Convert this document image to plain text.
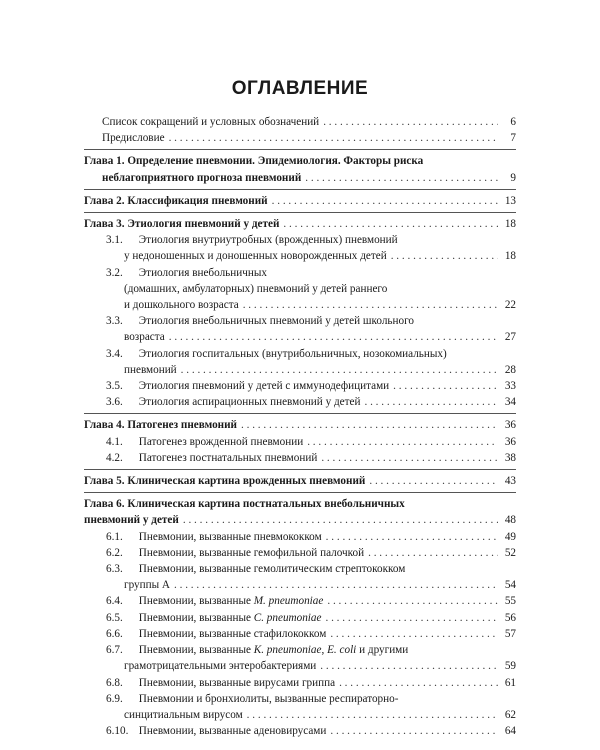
ОГЛАВЛЕНИЕ
Список сокращений и условных обозначений . . .	6
Предисловие . . .	7
Глава 1. Определение пневмонии. Эпидемиология. Факторы риска
неблагоприятного прогноза пневмоний . . .	9
Глава 2. Классификация пневмоний . . .	13
Глава 3. Этиология пневмоний у детей . . .	18
3.1. Этиология внутриутробных (врожденных) пневмоний
у недоношенных и доношенных новорожденных детей . . .	18
3.2. Этиология внебольничных
(домашних, амбулаторных) пневмоний у детей раннего
и дошкольного возраста . . .	22
3.3. Этиология внебольничных пневмоний у детей школьного
возраста . . .	27
3.4. Этиология госпитальных (внутрибольничных, нозокомиальных)
пневмоний . . .	28
3.5. Этиология пневмоний у детей с иммунодефицитами . . .	33
3.6. Этиология аспирационных пневмоний у детей . . .	34
Глава 4. Патогенез пневмоний . . .	36
4.1. Патогенез врожденной пневмонии . . .	36
4.2. Патогенез постнатальных пневмоний . . .	38
Глава 5. Клиническая картина врожденных пневмоний . . .	43
Глава 6. Клиническая картина постнатальных внебольничных
пневмоний у детей . . .	48
6.1. Пневмонии, вызванные пневмококком . . .	49
6.2. Пневмонии, вызванные гемофильной палочкой . . .	52
6.3. Пневмонии, вызванные гемолитическим стрептококком
группы А . . .	54
6.4. Пневмонии, вызванные M. pneumoniae . . .	55
6.5. Пневмонии, вызванные C. pneumoniae . . .	56
6.6. Пневмонии, вызванные стафилококком . . .	57
6.7. Пневмонии, вызванные K. pneumoniae, E. coli и другими
грамотрицательными энтеробактериями . . .	59
6.8. Пневмонии, вызванные вирусами гриппа . . .	61
6.9. Пневмонии и бронхиолиты, вызванные респираторно-
синцитиальным вирусом . . .	62
6.10. Пневмонии, вызванные аденовирусами . . .	64
